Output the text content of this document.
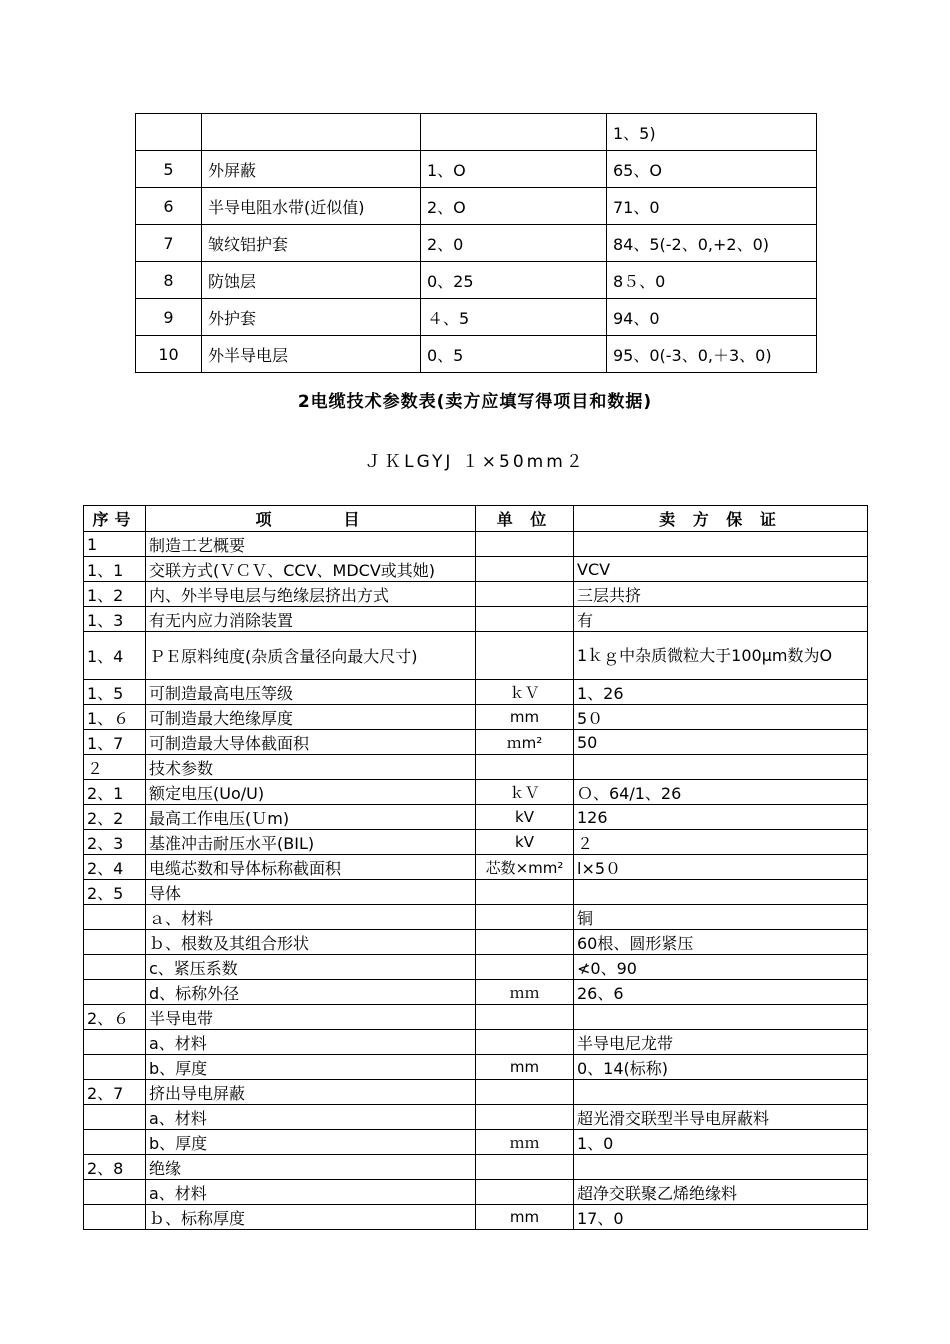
			1、5)
5	外屏蔽	1、O	65、O
6	半导电阻水带(近似值)	2、O	71、0
7	皱纹铝护套	2、0	84、5(-2、0,+2、0)
8	防蚀层	0、25	8５、0
9	外护套	４、5	94、0
10	外半导电层	0、5	95、0(-3、0,＋3、0)
2电缆技术参数表(卖方应填写得项目和数据)
ＪＫLGYJ １×50mm２
序号	项　　　目	单 位	卖 方 保 证
1	制造工艺概要		
1、1	交联方式(ＶＣＶ、CCV、MDCV或其她)		VCV
1、2	内、外半导电层与绝缘层挤出方式		三层共挤
1、3	有无内应力消除装置		有
1、4	ＰＥ原料纯度(杂质含量径向最大尺寸)		1ｋｇ中杂质微粒大于100μm数为O
1、5	可制造最高电压等级	ｋＶ	1、26
1、６	可制造最大绝缘厚度	mm	5０
1、7	可制造最大导体截面积	ｍm²	50
２	技术参数		
2、1	额定电压(Uo/U)	ｋＶ	Ｏ、64/1、26
2、2	最高工作电压(Ｕm)	kV	126
2、3	基准冲击耐压水平(BIL)	kV	２
2、4	电缆芯数和导体标称截面积	芯数×mm²	l×5０
2、5	导体		
	ａ、材料		铜
	ｂ、根数及其组合形状		60根、圆形紧压
	c、紧压系数		≮0、90
	d、标称外径	ｍｍ	26、6
2、６	半导电带		
	a、材料		半导电尼龙带
	b、厚度	mm	0、14(标称)
2、7	挤出导电屏蔽		
	a、材料		超光滑交联型半导电屏蔽料
	b、厚度	ｍｍ	1、0
2、8	绝缘		
	a、材料		超净交联聚乙烯绝缘料
	ｂ、标称厚度	mm	17、0
